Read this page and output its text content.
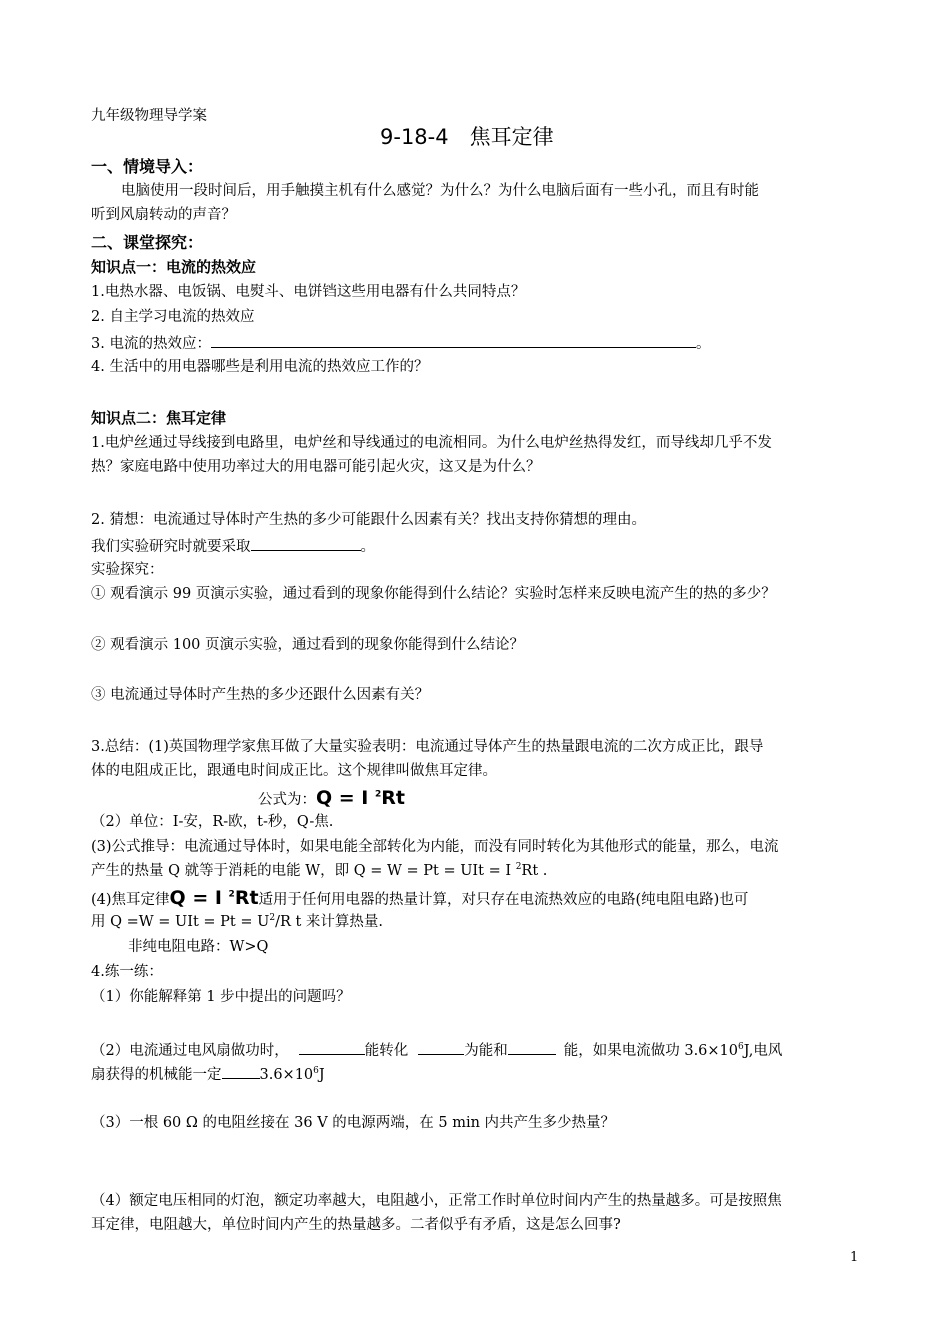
九年级物理导学案
9-18-4　焦耳定律
一、情境导入：
电脑使用一段时间后，用手触摸主机有什么感觉？为什么？为什么电脑后面有一些小孔，而且有时能
听到风扇转动的声音？
二、课堂探究：
知识点一：电流的热效应
1.电热水器、电饭锅、电熨斗、电饼铛这些用电器有什么共同特点？
2. 自主学习电流的热效应
3. 电流的热效应：	。
4. 生活中的用电器哪些是利用电流的热效应工作的？
知识点二：焦耳定律
1.电炉丝通过导线接到电路里，电炉丝和导线通过的电流相同。为什么电炉丝热得发红，而导线却几乎不发
热？家庭电路中使用功率过大的用电器可能引起火灾，这又是为什么？
2. 猜想：电流通过导体时产生热的多少可能跟什么因素有关？找出支持你猜想的理由。
我们实验研究时就要采取	。
实验探究：
① 观看演示 99 页演示实验，通过看到的现象你能得到什么结论？实验时怎样来反映电流产生的热的多少？
② 观看演示 100 页演示实验，通过看到的现象你能得到什么结论？
③ 电流通过导体时产生热的多少还跟什么因素有关？
3.总结：(1)英国物理学家焦耳做了大量实验表明：电流通过导体产生的热量跟电流的二次方成正比，跟导
体的电阻成正比，跟通电时间成正比。这个规律叫做焦耳定律。
公式为：Q = I $^2$Rt
（2）单位：I-安，R-欧，t-秒，Q-焦.
(3)公式推导：电流通过导体时，如果电能全部转化为内能，而没有同时转化为其他形式的能量，那么，电流
产生的热量 Q 就等于消耗的电能 W，即 Q = W = Pt = UIt = I $^2$Rt .
(4)焦耳定律Q = I $^2$Rt适用于任何用电器的热量计算，对只存在电流热效应的电路(纯电阻电路)也可
用 Q =W = UIt = $Pt = U^2/R$ t 来计算热量.
非纯电阻电路：W>Q
4.练一练：
（1）你能解释第 1 步中提出的问题吗？
（2）电流通过电风扇做功时，	能转化	为能和	能，如果电流做功 $3.6\times 10^6J$,电风
扇获得的机械能一定	$3.6\times 10^6J$
（3）一根 60 Ω 的电阻丝接在 36 V 的电源两端，在 5 min 内共产生多少热量？
（4）额定电压相同的灯泡，额定功率越大，电阻越小，正常工作时单位时间内产生的热量越多。可是按照焦
耳定律，电阻越大，单位时间内产生的热量越多。二者似乎有矛盾，这是怎么回事?
1
